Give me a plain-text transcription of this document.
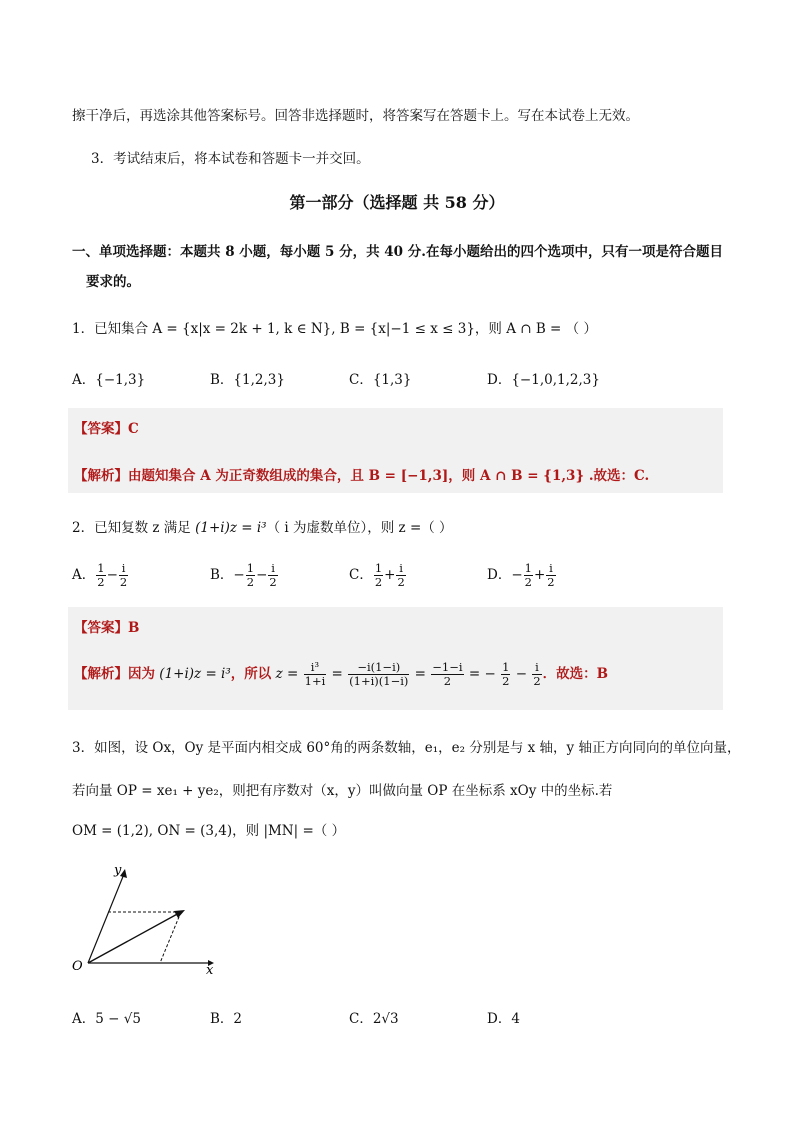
擦干净后，再选涂其他答案标号。回答非选择题时，将答案写在答题卡上。写在本试卷上无效。
3．考试结束后，将本试卷和答题卡一并交回。
第一部分（选择题 共 58 分）
一、单项选择题：本题共 8 小题，每小题 5 分，共 40 分.在每小题给出的四个选项中，只有一项是符合题目
要求的。
1．已知集合 A = {x|x = 2k + 1, k ∈ N}, B = {x|−1 ≤ x ≤ 3}，则 A ∩ B = （ ）
A．{−1,3}	B．{1,2,3}	C．{1,3}	D．{−1,0,1,2,3}
【答案】C
【解析】由题知集合 A 为正奇数组成的集合，且 B = [−1,3]，则 A ∩ B = {1,3} .故选：C.
2．已知复数 z 满足 (1+i)z = i³（ i 为虚数单位），则 z =（ ）
A． $\frac{1}{2} - \frac{i}{2}$	B．− $\frac{1}{2} - \frac{i}{2}$	C． $\frac{1}{2} + \frac{i}{2}$	D．− $\frac{1}{2} + \frac{i}{2}$
【答案】B
【解析】因为 (1+i)z = i³，所以 $z = \frac{\text{i³}}{1+i} = \frac{-i(1-i)}{(1+i)(1-i)} = \frac{-1-i}{2}$ = − $\frac{1}{2} - \frac{i}{2}$ ．故选：B
3．如图，设 Ox，Oy 是平面内相交成 60°角的两条数轴，e₁，e₂ 分别是与 x 轴，y 轴正方向同向的单位向量，
若向量 OP = xe₁ + ye₂，则把有序数对（x，y）叫做向量 OP 在坐标系 xOy 中的坐标.若
OM = (1,2), ON = (3,4)，则 |MN| =（ ）
y
O	x
A．5 − √5	B．2	C．2√3	D．4
